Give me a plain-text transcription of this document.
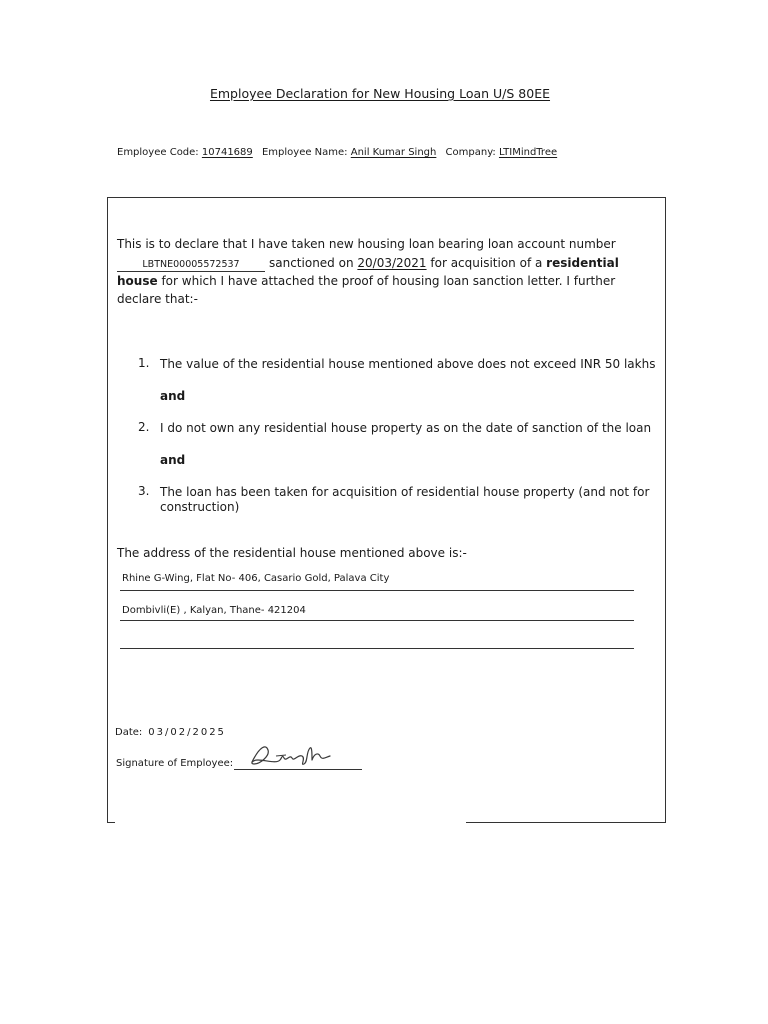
Employee Declaration for New Housing Loan U/S 80EE
Employee Code: 10741689 Employee Name: Anil Kumar Singh Company: LTIMindTree
This is to declare that I have taken new housing loan bearing loan account number
LBTNE00005572537 sanctioned on 20/03/2021 for acquisition of a residential
house for which I have attached the proof of housing loan sanction letter. I further
declare that:-
1. The value of the residential house mentioned above does not exceed INR 50 lakhs
and
2. I do not own any residential house property as on the date of sanction of the loan
and
3. The loan has been taken for acquisition of residential house property (and not for
construction)
The address of the residential house mentioned above is:-
Rhine G-Wing, Flat No- 406, Casario Gold, Palava City
Dombivli(E) , Kalyan, Thane- 421204
Date: 03/02/2025
Signature of Employee:
